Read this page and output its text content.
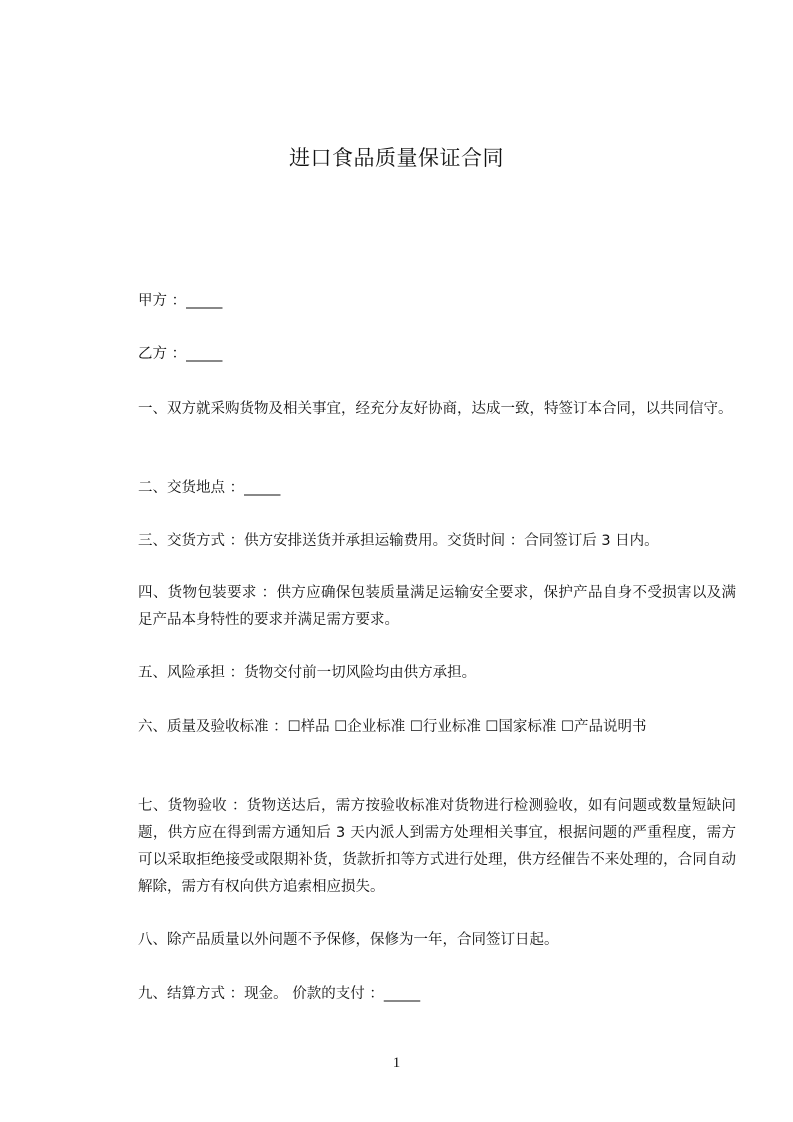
进口食品质量保证合同
甲方 ：_____
乙方 ：_____
一、双方就采购货物及相关事宜，经充分友好协商，达成一致，特签订本合同，以共同信守。
二、交货地点 ：_____
三、交货方式 ：供方安排送货并承担运输费用。交货时间 ：合同签订后 3 日内。
四、货物包装要求 ：供方应确保包装质量满足运输安全要求，保护产品自身不受损害以及满足产品本身特性的要求并满足需方要求。
五、风险承担 ：货物交付前一切风险均由供方承担。
六、质量及验收标准 ：☐样品 ☐企业标准 ☐行业标准 ☐国家标准 ☐产品说明书
七、货物验收 ：货物送达后，需方按验收标准对货物进行检测验收，如有问题或数量短缺问题，供方应在得到需方通知后 3 天内派人到需方处理相关事宜，根据问题的严重程度，需方可以采取拒绝接受或限期补货，货款折扣等方式进行处理，供方经催告不来处理的，合同自动解除，需方有权向供方追索相应损失。
八、除产品质量以外问题不予保修，保修为一年，合同签订日起。
九、结算方式 ：现金。 价款的支付 ：_____
1
